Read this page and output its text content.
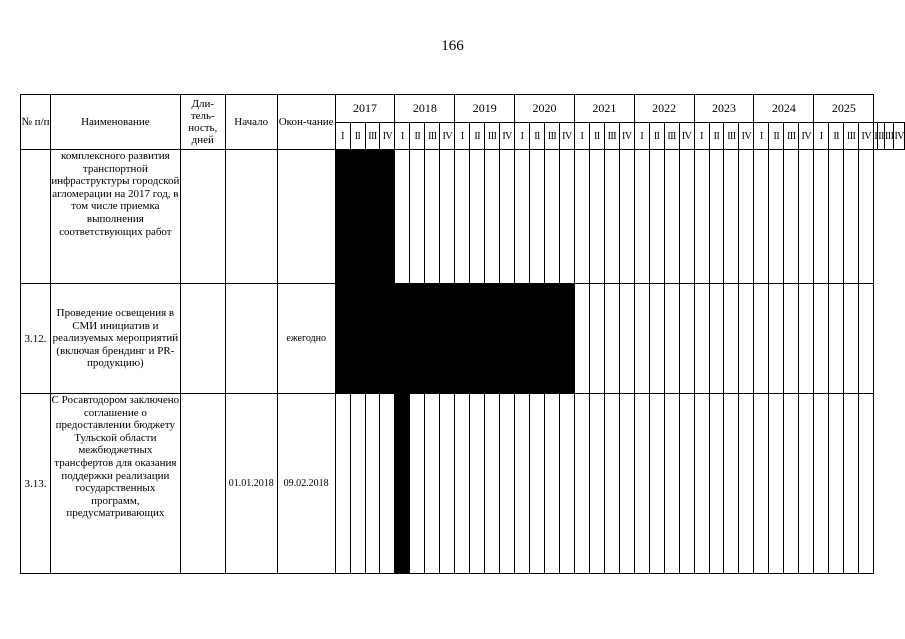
166
№ п/п	Наименование	Дли-тель-ность, дней	Начало	Окон-чание	2017				2018				2019				2020				2021				2022				2023				2024				2025							
					I	II	III	IV	I	II	III	IV	I	II	III	IV	I	II	III	IV	I	II	III	IV	I	II	III	IV	I	II	III	IV	I	II	III	IV	I	II	III	IV	I	II	III	IV
	комплексного развития транспортной инфраструктуры городской агломерации на 2017 год, в том числе приемка выполнения соответствующих работ																																											
3.12.	Проведение освещения в СМИ инициатив и реализуемых мероприятий (включая брендинг и PR-продукцию)			ежегодно																																								
3.13.	С Росавтодором заключено соглашение о предоставлении бюджету Тульской области межбюджетных трансфертов для оказания поддержки реализации государственных программ, предусматривающих		01.01.2018	09.02.2018																																								
